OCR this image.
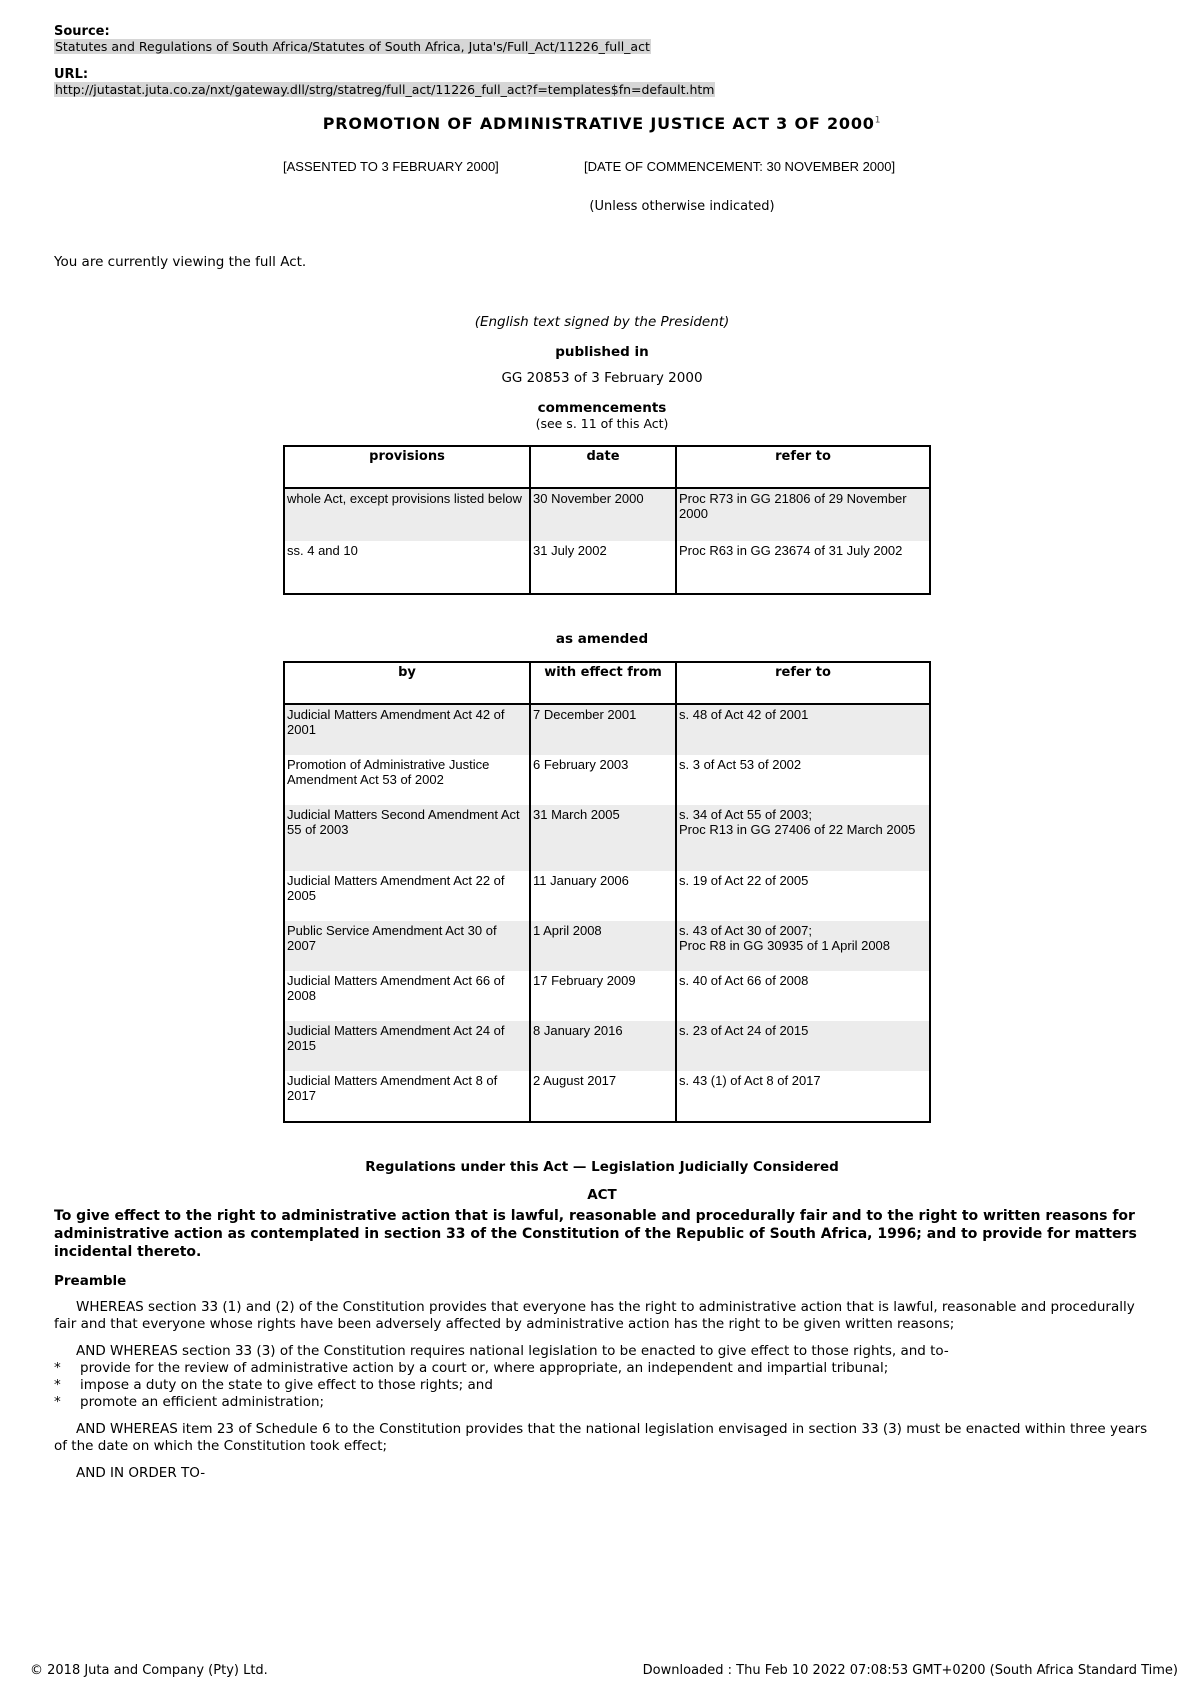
Source:
Statutes and Regulations of South Africa/Statutes of South Africa, Juta's/Full_Act/11226_full_act
URL:
http://jutastat.juta.co.za/nxt/gateway.dll/strg/statreg/full_act/11226_full_act?f=templates$fn=default.htm
PROMOTION OF ADMINISTRATIVE JUSTICE ACT 3 OF 2000$^1$
[ASSENTED TO 3 FEBRUARY 2000]	[DATE OF COMMENCEMENT: 30 NOVEMBER 2000]
(Unless otherwise indicated)
You are currently viewing the full Act.
(English text signed by the President)
published in
GG 20853 of 3 February 2000
commencements
(see s. 11 of this Act)
provisions	date	refer to
whole Act, except provisions listed below	30 November 2000	Proc R73 in GG 21806 of 29 November 2000
ss. 4 and 10	31 July 2002	Proc R63 in GG 23674 of 31 July 2002
as amended
by	with effect from	refer to
Judicial Matters Amendment Act 42 of 2001	7 December 2001	s. 48 of Act 42 of 2001
Promotion of Administrative Justice Amendment Act 53 of 2002	6 February 2003	s. 3 of Act 53 of 2002
Judicial Matters Second Amendment Act 55 of 2003	31 March 2005	s. 34 of Act 55 of 2003;
Proc R13 in GG 27406 of 22 March 2005
Judicial Matters Amendment Act 22 of 2005	11 January 2006	s. 19 of Act 22 of 2005
Public Service Amendment Act 30 of 2007	1 April 2008	s. 43 of Act 30 of 2007;
Proc R8 in GG 30935 of 1 April 2008
Judicial Matters Amendment Act 66 of 2008	17 February 2009	s. 40 of Act 66 of 2008
Judicial Matters Amendment Act 24 of 2015	8 January 2016	s. 23 of Act 24 of 2015
Judicial Matters Amendment Act 8 of 2017	2 August 2017	s. 43 (1) of Act 8 of 2017
Regulations under this Act — Legislation Judicially Considered
ACT
To give effect to the right to administrative action that is lawful, reasonable and procedurally fair and to the right to written reasons for administrative action as contemplated in section 33 of the Constitution of the Republic of South Africa, 1996; and to provide for matters incidental thereto.
Preamble
WHEREAS section 33 (1) and (2) of the Constitution provides that everyone has the right to administrative action that is lawful, reasonable and procedurally fair and that everyone whose rights have been adversely affected by administrative action has the right to be given written reasons;
AND WHEREAS section 33 (3) of the Constitution requires national legislation to be enacted to give effect to those rights, and to-
* provide for the review of administrative action by a court or, where appropriate, an independent and impartial tribunal;
* impose a duty on the state to give effect to those rights; and
* promote an efficient administration;
AND WHEREAS item 23 of Schedule 6 to the Constitution provides that the national legislation envisaged in section 33 (3) must be enacted within three years of the date on which the Constitution took effect;
AND IN ORDER TO-
© 2018 Juta and Company (Pty) Ltd.	Downloaded : Thu Feb 10 2022 07:08:53 GMT+0200 (South Africa Standard Time)
